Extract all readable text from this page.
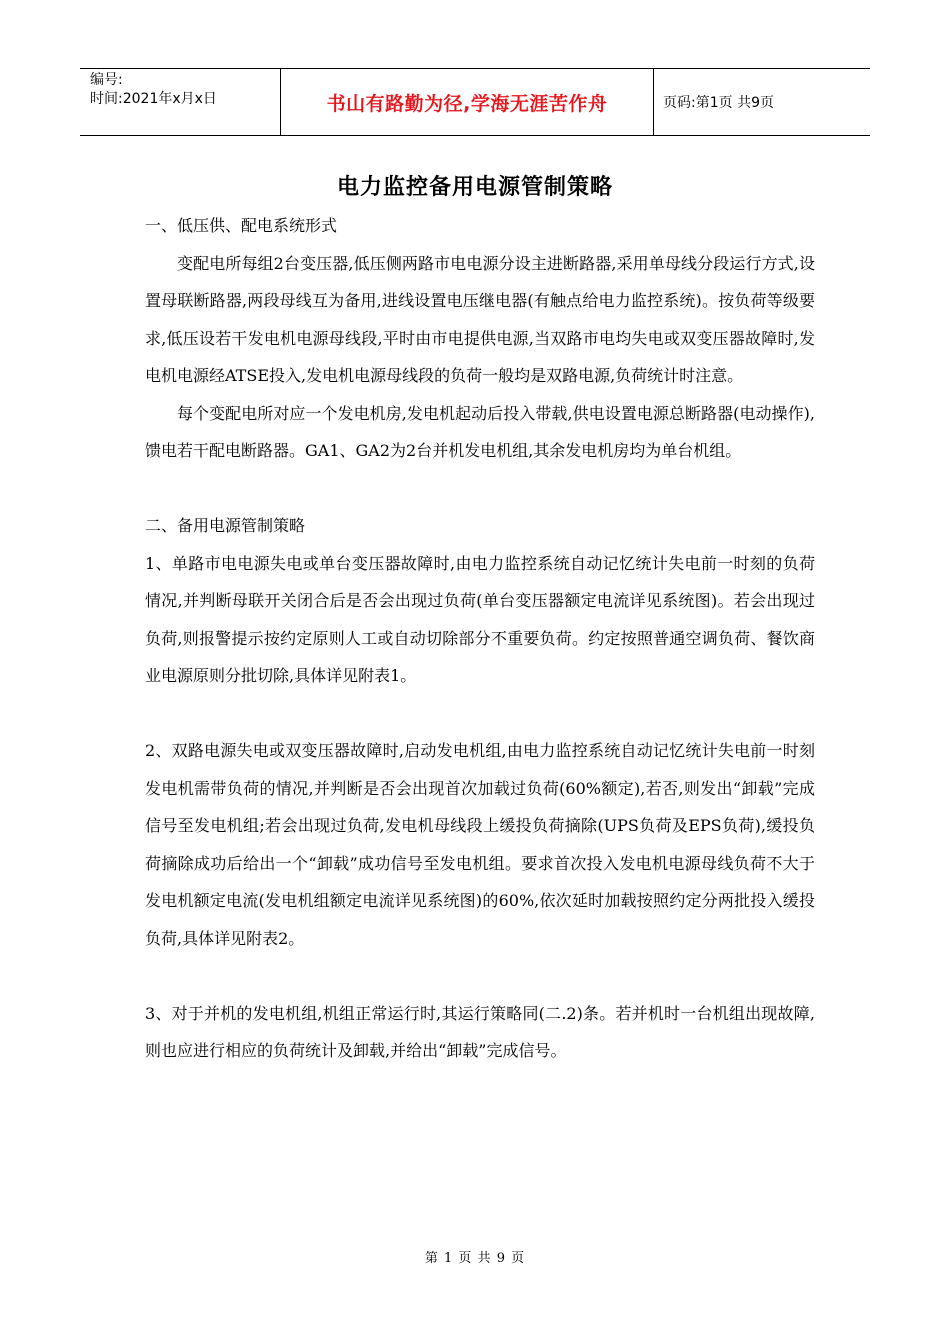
编号:
时间:2021年x月x日	书山有路勤为径,学海无涯苦作舟	页码:第1页 共9页
电力监控备用电源管制策略

一、低压供、配电系统形式

变配电所每组2台变压器,低压侧两路市电电源分设主进断路器,采用单母线分段运行方式,设置母联断路器,两段母线互为备用,进线设置电压继电器(有触点给电力监控系统)。按负荷等级要求,低压设若干发电机电源母线段,平时由市电提供电源,当双路市电均失电或双变压器故障时,发电机电源经ATSE投入,发电机电源母线段的负荷一般均是双路电源,负荷统计时注意。

每个变配电所对应一个发电机房,发电机起动后投入带载,供电设置电源总断路器(电动操作),馈电若干配电断路器。GA1、GA2为2台并机发电机组,其余发电机房均为单台机组。

二、备用电源管制策略

1、单路市电电源失电或单台变压器故障时,由电力监控系统自动记忆统计失电前一时刻的负荷情况,并判断母联开关闭合后是否会出现过负荷(单台变压器额定电流详见系统图)。若会出现过负荷,则报警提示按约定原则人工或自动切除部分不重要负荷。约定按照普通空调负荷、餐饮商业电源原则分批切除,具体详见附表1。

2、双路电源失电或双变压器故障时,启动发电机组,由电力监控系统自动记忆统计失电前一时刻发电机需带负荷的情况,并判断是否会出现首次加载过负荷(60%额定),若否,则发出“卸载”完成信号至发电机组;若会出现过负荷,发电机母线段上缓投负荷摘除(UPS负荷及EPS负荷),缓投负荷摘除成功后给出一个“卸载”成功信号至发电机组。要求首次投入发电机电源母线负荷不大于发电机额定电流(发电机组额定电流详见系统图)的60%,依次延时加载按照约定分两批投入缓投负荷,具体详见附表2。

3、对于并机的发电机组,机组正常运行时,其运行策略同(二.2)条。若并机时一台机组出现故障,则也应进行相应的负荷统计及卸载,并给出“卸载”完成信号。

第 1 页 共 9 页
